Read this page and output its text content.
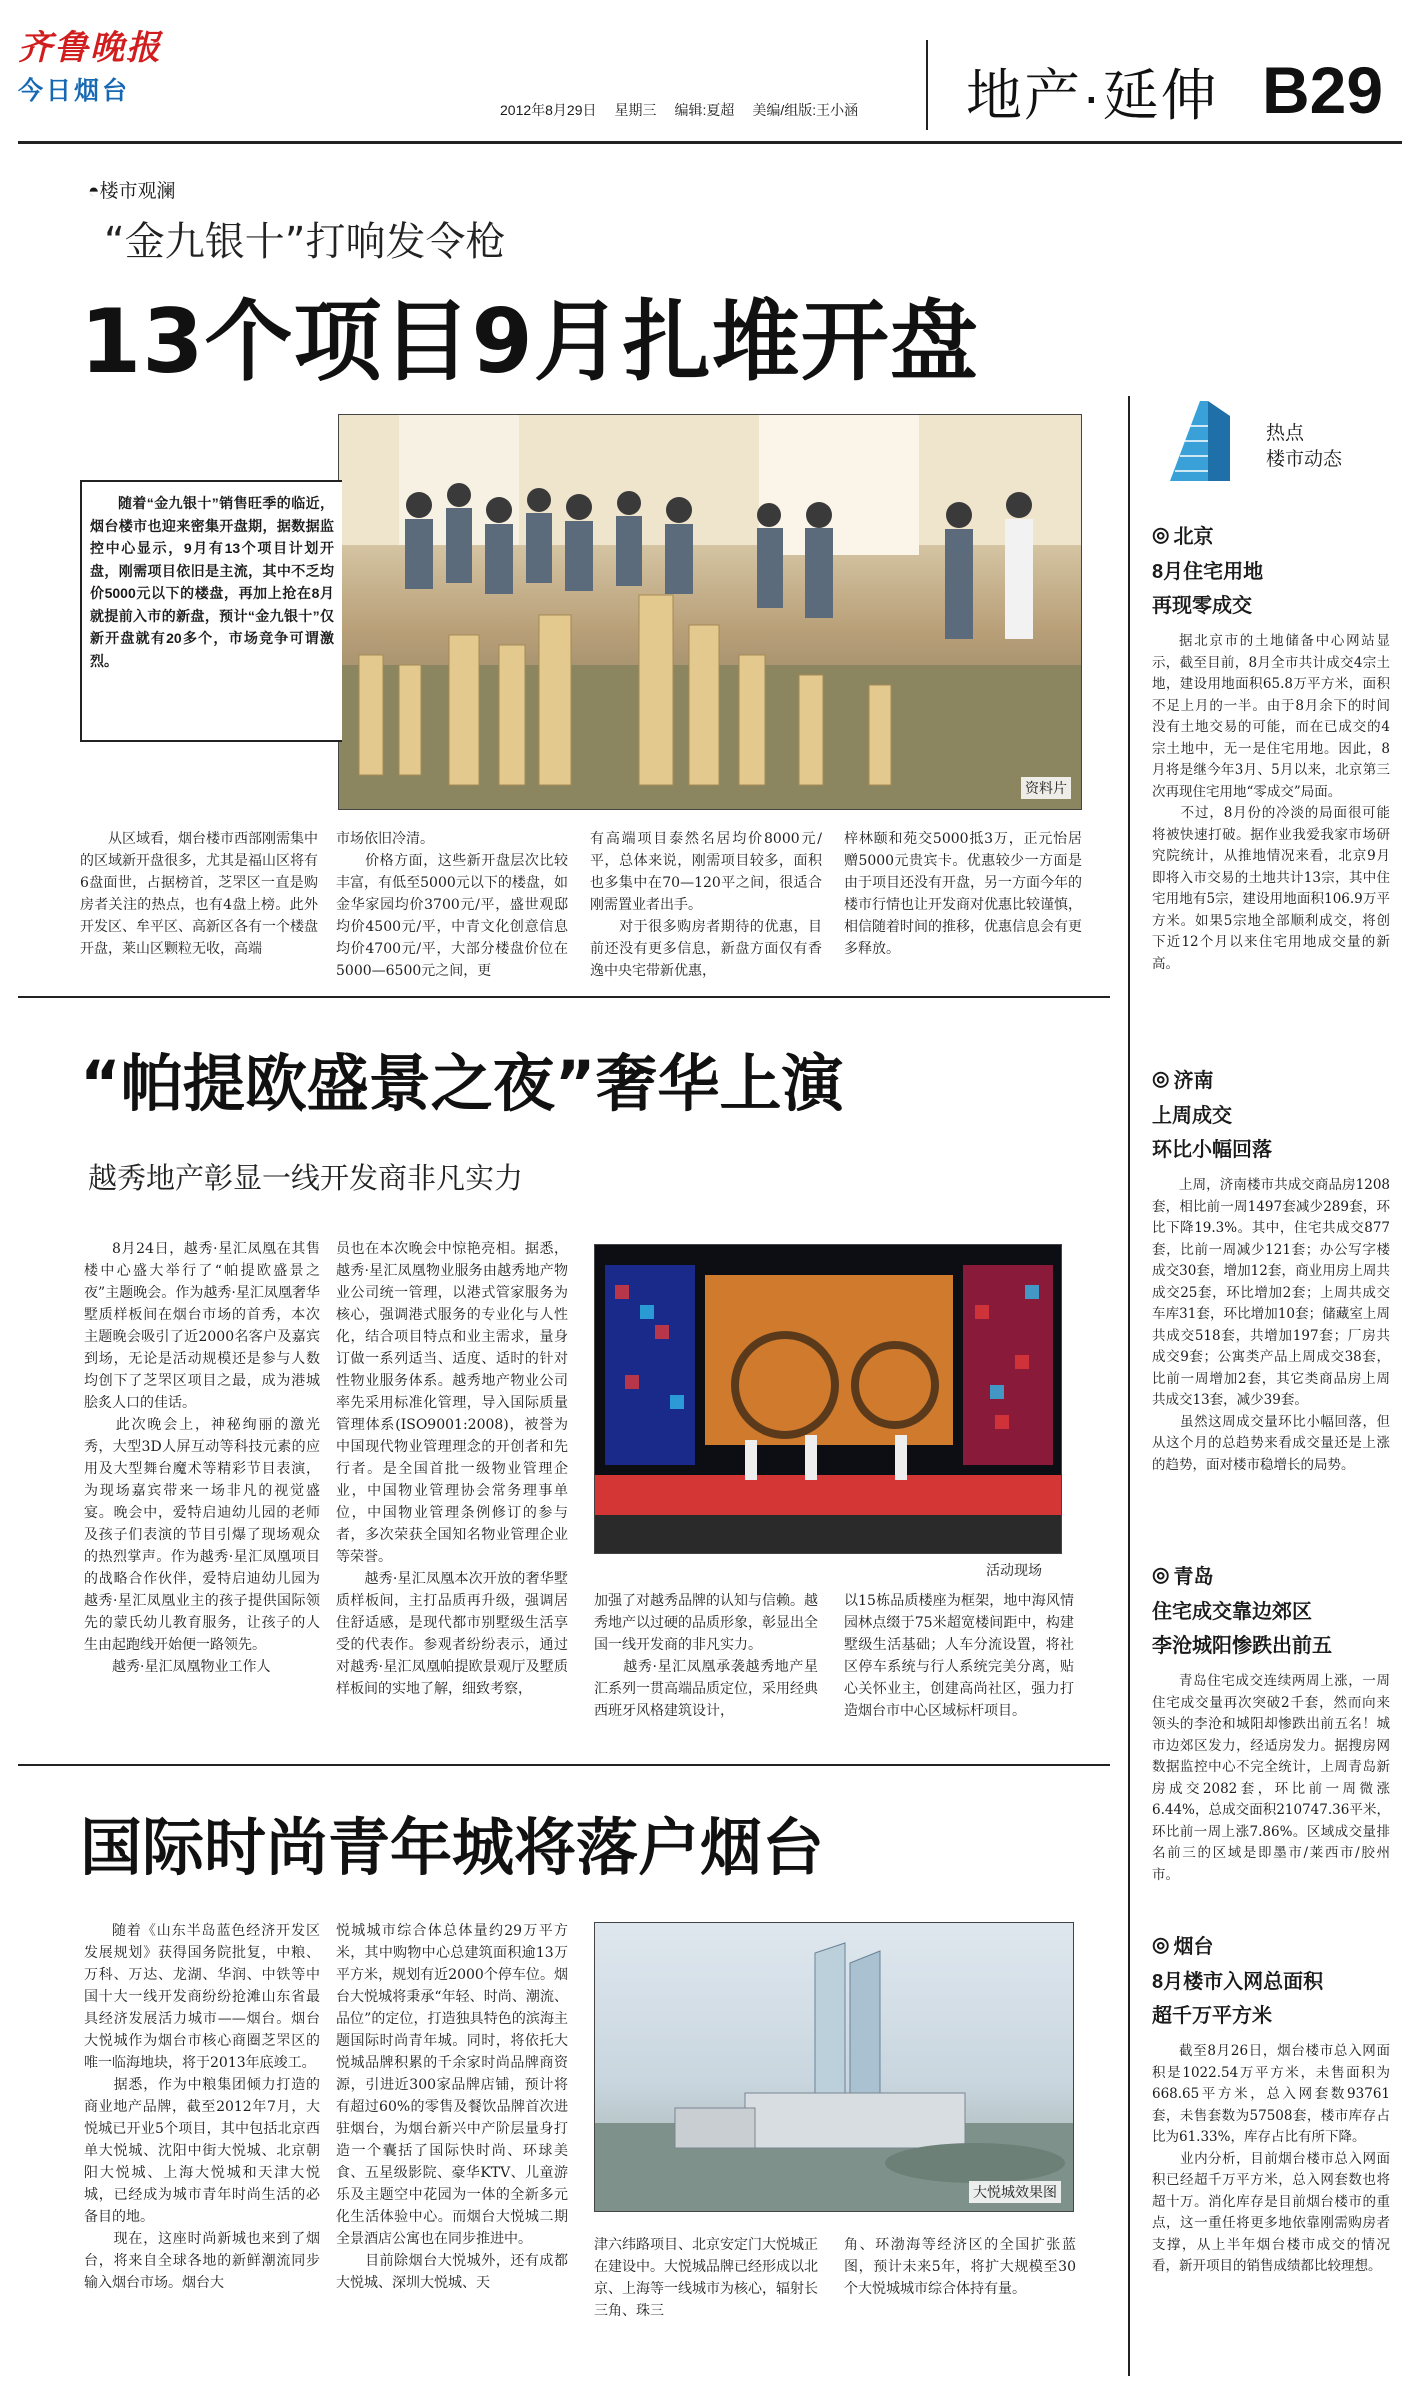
齐鲁晚报
今日烟台
2012年8月29日 星期三 编辑:夏超 美编/组版:王小涵 地产·延伸 B29
◓楼市观澜
“金九银十”打响发令枪
13个项目9月扎堆开盘
资料片
随着“金九银十”销售旺季的临近，烟台楼市也迎来密集开盘期，据数据监控中心显示，9月有13个项目计划开盘，刚需项目依旧是主流，其中不乏均价5000元以下的楼盘，再加上抢在8月就提前入市的新盘，预计“金九银十”仅新开盘就有20多个，市场竞争可谓激烈。
从区域看，烟台楼市西部刚需集中的区域新开盘很多，尤其是福山区将有6盘面世，占据榜首，芝罘区一直是购房者关注的热点，也有4盘上榜。此外开发区、牟平区、高新区各有一个楼盘开盘，莱山区颗粒无收，高端
市场依旧冷清。
　　价格方面，这些新开盘层次比较丰富，有低至5000元以下的楼盘，如金华家园均价3700元/平，盛世观邸均价4500元/平，中青文化创意信息均价4700元/平，大部分楼盘价位在5000—6500元之间，更
有高端项目泰然名居均价8000元/平，总体来说，刚需项目较多，面积也多集中在70—120平之间，很适合刚需置业者出手。
　　对于很多购房者期待的优惠，目前还没有更多信息，新盘方面仅有香逸中央宅带新优惠，
梓林颐和苑交5000抵3万，正元怡居赠5000元贵宾卡。优惠较少一方面是由于项目还没有开盘，另一方面今年的楼市行情也让开发商对优惠比较谨慎，相信随着时间的推移，优惠信息会有更多释放。
“帕提欧盛景之夜”奢华上演
越秀地产彰显一线开发商非凡实力
8月24日，越秀·星汇凤凰在其售楼中心盛大举行了“帕提欧盛景之夜”主题晚会。作为越秀·星汇凤凰奢华墅质样板间在烟台市场的首秀，本次主题晚会吸引了近2000名客户及嘉宾到场，无论是活动规模还是参与人数均创下了芝罘区项目之最，成为港城脍炙人口的佳话。
　　此次晚会上，神秘绚丽的激光秀，大型3D人屏互动等科技元素的应用及大型舞台魔术等精彩节目表演，为现场嘉宾带来一场非凡的视觉盛宴。晚会中，爱特启迪幼儿园的老师及孩子们表演的节目引爆了现场观众的热烈掌声。作为越秀·星汇凤凰项目的战略合作伙伴，爱特启迪幼儿园为越秀·星汇凤凰业主的孩子提供国际领先的蒙氏幼儿教育服务，让孩子的人生由起跑线开始便一路领先。
　　越秀·星汇凤凰物业工作人
员也在本次晚会中惊艳亮相。据悉，越秀·星汇凤凰物业服务由越秀地产物业公司统一管理，以港式管家服务为核心，强调港式服务的专业化与人性化，结合项目特点和业主需求，量身订做一系列适当、适度、适时的针对性物业服务体系。越秀地产物业公司率先采用标准化管理，导入国际质量管理体系(ISO9001:2008)，被誉为中国现代物业管理理念的开创者和先行者。是全国首批一级物业管理企业，中国物业管理协会常务理事单位，中国物业管理条例修订的参与者，多次荣获全国知名物业管理企业等荣誉。
　　越秀·星汇凤凰本次开放的奢华墅质样板间，主打品质再升级，强调居住舒适感，是现代都市别墅级生活享受的代表作。参观者纷纷表示，通过对越秀·星汇凤凰帕提欧景观厅及墅质样板间的实地了解，细致考察，
活动现场
加强了对越秀品牌的认知与信赖。越秀地产以过硬的品质形象，彰显出全国一线开发商的非凡实力。
　　越秀·星汇凤凰承袭越秀地产星汇系列一贯高端品质定位，采用经典西班牙风格建筑设计，
以15栋品质楼座为框架，地中海风情园林点缀于75米超宽楼间距中，构建墅级生活基础；人车分流设置，将社区停车系统与行人系统完美分离，贴心关怀业主，创建高尚社区，强力打造烟台市中心区域标杆项目。
国际时尚青年城将落户烟台
随着《山东半岛蓝色经济开发区发展规划》获得国务院批复，中粮、万科、万达、龙湖、华润、中铁等中国十大一线开发商纷纷抢滩山东省最具经济发展活力城市——烟台。烟台大悦城作为烟台市核心商圈芝罘区的唯一临海地块，将于2013年底竣工。
　　据悉，作为中粮集团倾力打造的商业地产品牌，截至2012年7月，大悦城已开业5个项目，其中包括北京西单大悦城、沈阳中街大悦城、北京朝阳大悦城、上海大悦城和天津大悦城，已经成为城市青年时尚生活的必备目的地。
　　现在，这座时尚新城也来到了烟台，将来自全球各地的新鲜潮流同步输入烟台市场。烟台大
悦城城市综合体总体量约29万平方米，其中购物中心总建筑面积逾13万平方米，规划有近2000个停车位。烟台大悦城将秉承“年轻、时尚、潮流、品位”的定位，打造独具特色的滨海主题国际时尚青年城。同时，将依托大悦城品牌积累的千余家时尚品牌商资源，引进近300家品牌店铺，预计将有超过60%的零售及餐饮品牌首次进驻烟台，为烟台新兴中产阶层量身打造一个囊括了国际快时尚、环球美食、五星级影院、豪华KTV、儿童游乐及主题空中花园为一体的全新多元化生活体验中心。而烟台大悦城二期全景酒店公寓也在同步推进中。
　　目前除烟台大悦城外，还有成都大悦城、深圳大悦城、天
大悦城效果图
津六纬路项目、北京安定门大悦城正在建设中。大悦城品牌已经形成以北京、上海等一线城市为核心，辐射长三角、珠三
角、环渤海等经济区的全国扩张蓝图，预计未来5年，将扩大规模至30个大悦城城市综合体持有量。
热点
楼市动态
◎ 北京
8月住宅用地
再现零成交

据北京市的土地储备中心网站显示，截至目前，8月全市共计成交4宗土地，建设用地面积65.8万平方米，面积不足上月的一半。由于8月余下的时间没有土地交易的可能，而在已成交的4宗土地中，无一是住宅用地。因此，8月将是继今年3月、5月以来，北京第三次再现住宅用地“零成交”局面。
　　不过，8月份的冷淡的局面很可能将被快速打破。据作业我爱我家市场研究院统计，从推地情况来看，北京9月即将入市交易的土地共计13宗，其中住宅用地有5宗，建设用地面积106.9万平方米。如果5宗地全部顺利成交，将创下近12个月以来住宅用地成交量的新高。

◎ 济南
上周成交
环比小幅回落

上周，济南楼市共成交商品房1208套，相比前一周1497套减少289套，环比下降19.3%。其中，住宅共成交877套，比前一周减少121套；办公写字楼成交30套，增加12套，商业用房上周共成交25套，环比增加2套；上周共成交车库31套，环比增加10套；储藏室上周共成交518套，共增加197套；厂房共成交9套；公寓类产品上周成交38套，比前一周增加2套，其它类商品房上周共成交13套，减少39套。
　　虽然这周成交量环比小幅回落，但从这个月的总趋势来看成交量还是上涨的趋势，面对楼市稳增长的局势。

◎ 青岛
住宅成交靠边郊区
李沧城阳惨跌出前五

青岛住宅成交连续两周上涨，一周住宅成交量再次突破2千套，然而向来领头的李沧和城阳却惨跌出前五名！城市边郊区发力，经适房发力。据搜房网数据监控中心不完全统计，上周青岛新房成交2082套，环比前一周微涨6.44%，总成交面积210747.36平米，环比前一周上涨7.86%。区域成交量排名前三的区域是即墨市/莱西市/胶州市。

◎ 烟台
8月楼市入网总面积
超千万平方米

截至8月26日，烟台楼市总入网面积是1022.54万平方米，未售面积为668.65平方米，总入网套数93761套，未售套数为57508套，楼市库存占比为61.33%，库存占比有所下降。
　　业内分析，目前烟台楼市总入网面积已经超千万平方米，总入网套数也将超十万。消化库存是目前烟台楼市的重点，这一重任将更多地依靠刚需购房者支撑，从上半年烟台楼市成交的情况看，新开项目的销售成绩都比较理想。
